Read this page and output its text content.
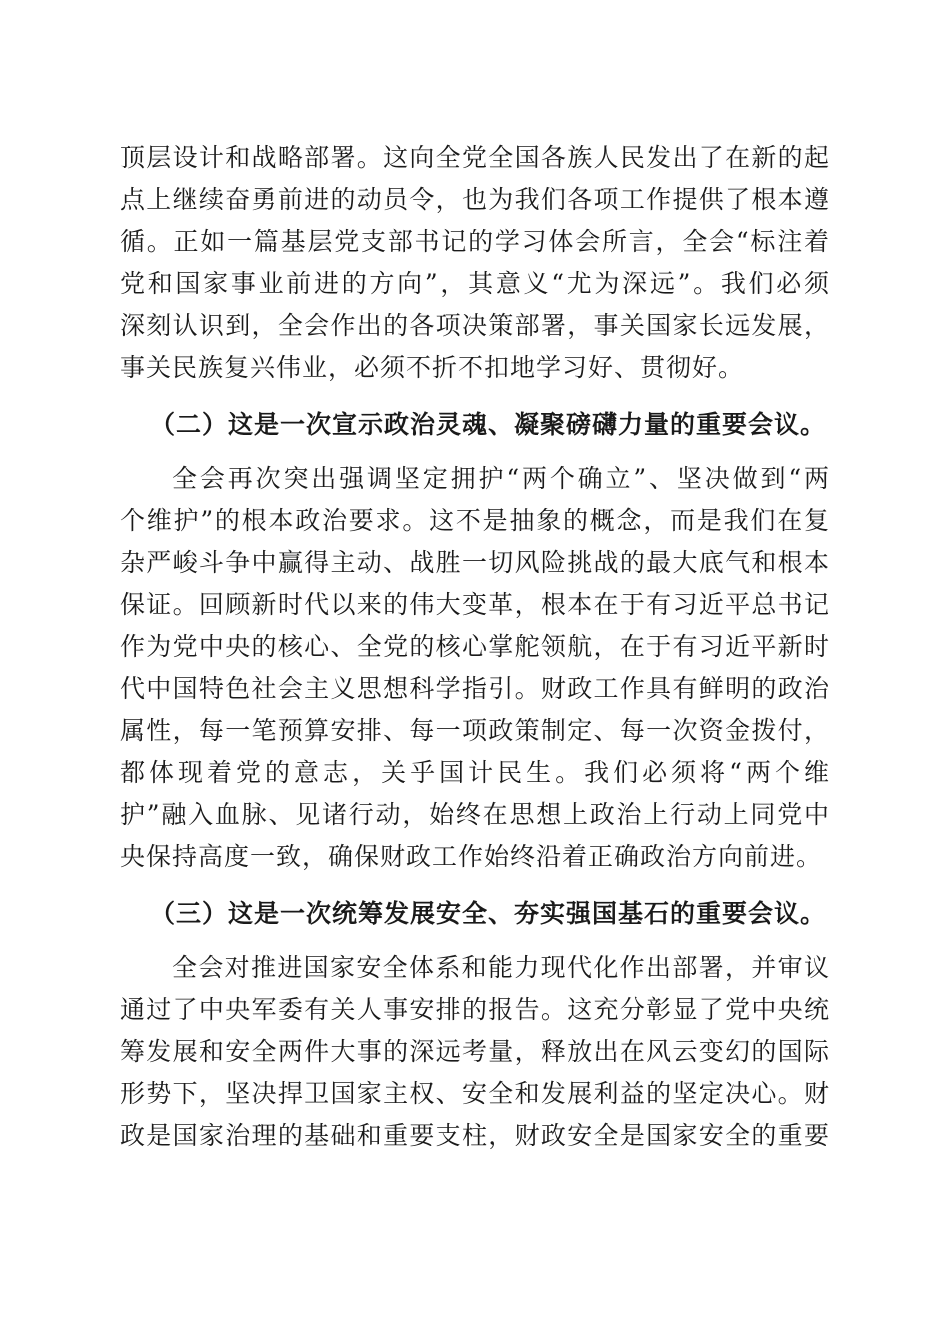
顶层设计和战略部署。这向全党全国各族人民发出了在新的起
点上继续奋勇前进的动员令，也为我们各项工作提供了根本遵
循。正如一篇基层党支部书记的学习体会所言，全会“标注着
党和国家事业前进的方向”，其意义“尤为深远”。我们必须
深刻认识到，全会作出的各项决策部署，事关国家长远发展，
事关民族复兴伟业，必须不折不扣地学习好、贯彻好。
（二）这是一次宣示政治灵魂、凝聚磅礴力量的重要会议。
全会再次突出强调坚定拥护“两个确立”、坚决做到“两
个维护”的根本政治要求。这不是抽象的概念，而是我们在复
杂严峻斗争中赢得主动、战胜一切风险挑战的最大底气和根本
保证。回顾新时代以来的伟大变革，根本在于有习近平总书记
作为党中央的核心、全党的核心掌舵领航，在于有习近平新时
代中国特色社会主义思想科学指引。财政工作具有鲜明的政治
属性，每一笔预算安排、每一项政策制定、每一次资金拨付，
都体现着党的意志，关乎国计民生。我们必须将“两个维
护”融入血脉、见诸行动，始终在思想上政治上行动上同党中
央保持高度一致，确保财政工作始终沿着正确政治方向前进。
（三）这是一次统筹发展安全、夯实强国基石的重要会议。
全会对推进国家安全体系和能力现代化作出部署，并审议
通过了中央军委有关人事安排的报告。这充分彰显了党中央统
筹发展和安全两件大事的深远考量，释放出在风云变幻的国际
形势下，坚决捍卫国家主权、安全和发展利益的坚定决心。财
政是国家治理的基础和重要支柱，财政安全是国家安全的重要
